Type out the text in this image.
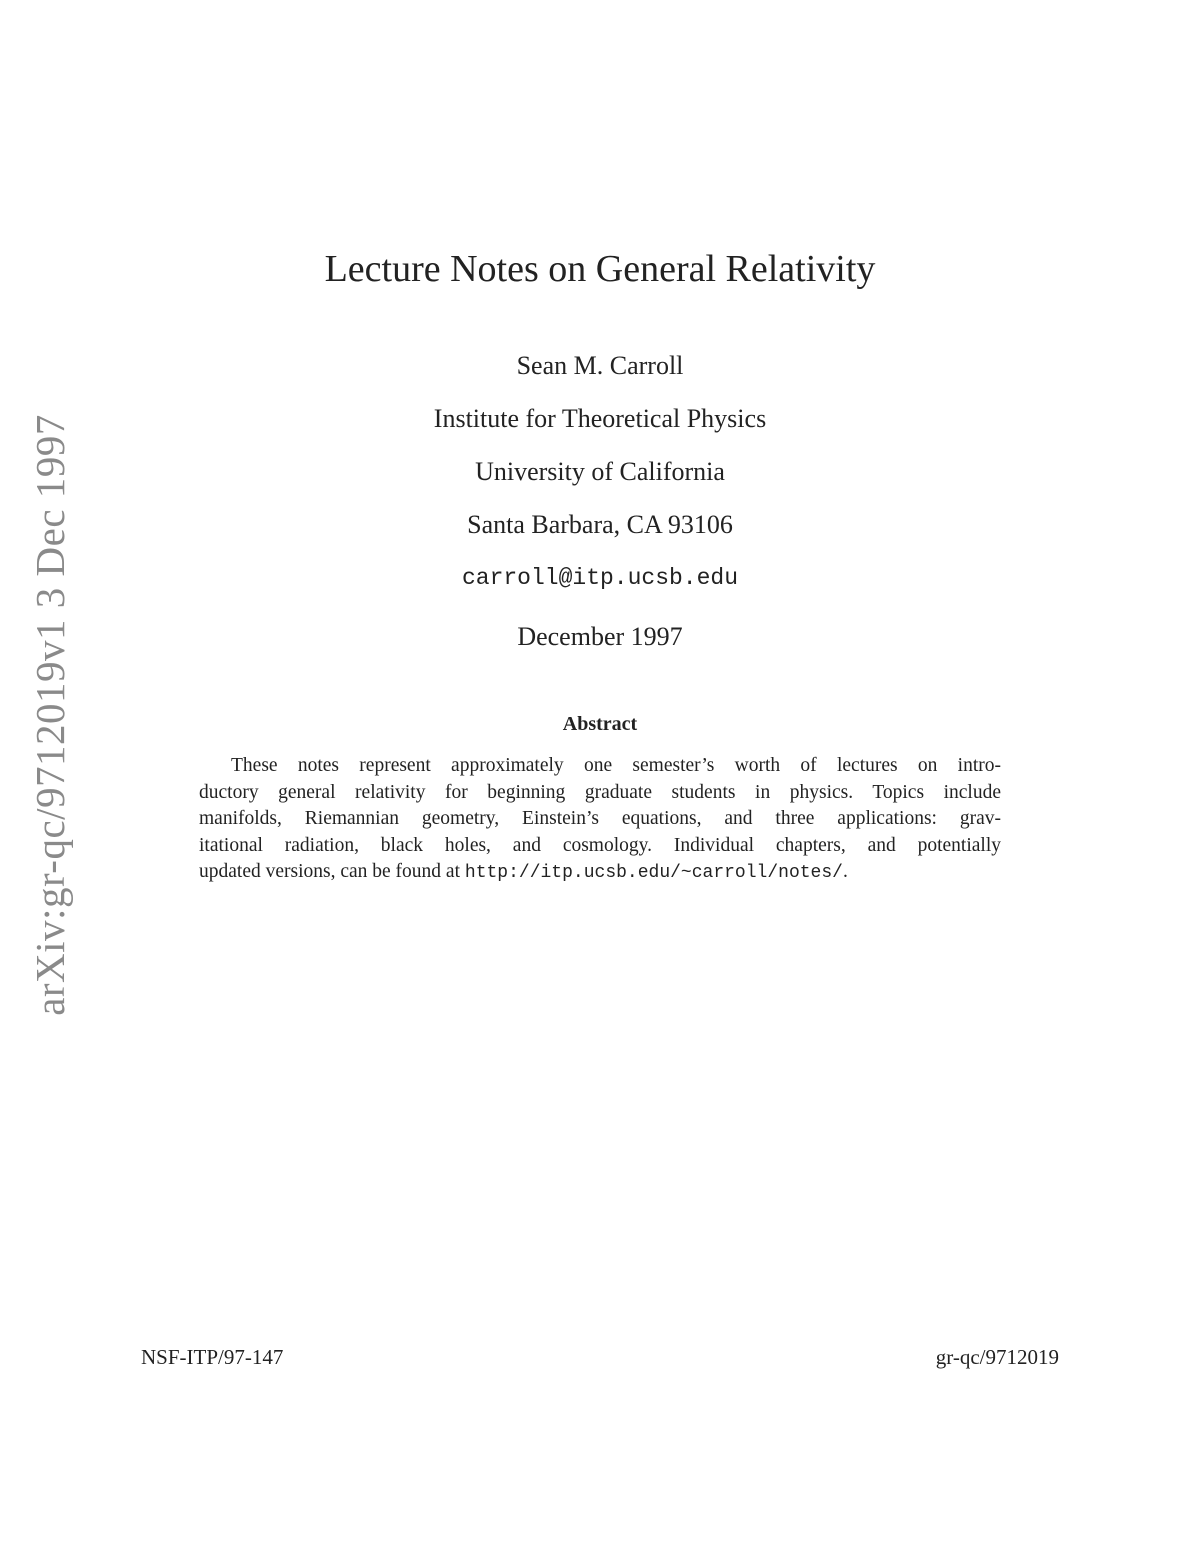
arXiv:gr-qc/9712019v1 3 Dec 1997
Lecture Notes on General Relativity
Sean M. Carroll
Institute for Theoretical Physics
University of California
Santa Barbara, CA 93106
carroll@itp.ucsb.edu
December 1997
Abstract
These notes represent approximately one semester’s worth of lectures on intro-
ductory general relativity for beginning graduate students in physics. Topics include
manifolds, Riemannian geometry, Einstein’s equations, and three applications: grav-
itational radiation, black holes, and cosmology. Individual chapters, and potentially
updated versions, can be found at http://itp.ucsb.edu/~carroll/notes/.
NSF-ITP/97-147	gr-qc/9712019
